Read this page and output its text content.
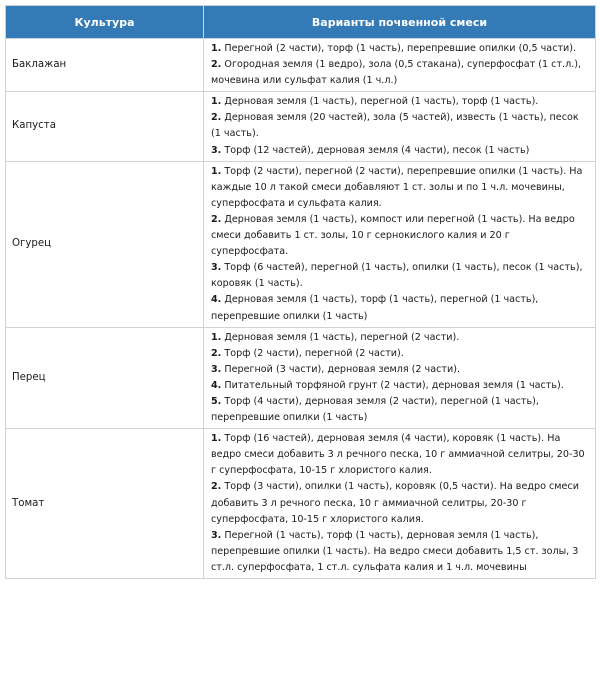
Культура	Варианты почвенной смеси
Баклажан	1. Перегной (2 части), торф (1 часть), перепревшие опилки (0,5 части).
2. Огородная земля (1 ведро), зола (0,5 стакана), суперфосфат (1 ст.л.), мочевина или сульфат калия (1 ч.л.)

Капуста	1. Дерновая земля (1 часть), перегной (1 часть), торф (1 часть).
2. Дерновая земля (20 частей), зола (5 частей), известь (1 часть), песок (1 часть).
3. Торф (12 частей), дерновая земля (4 части), песок (1 часть)

Огурец	1. Торф (2 части), перегной (2 части), перепревшие опилки (1 часть). На каждые 10 л такой смеси добавляют 1 ст. золы и по 1 ч.л. мочевины, суперфосфата и сульфата калия.
2. Дерновая земля (1 часть), компост или перегной (1 часть). На ведро смеси добавить 1 ст. золы, 10 г сернокислого калия и 20 г суперфосфата.
3. Торф (6 частей), перегной (1 часть), опилки (1 часть), песок (1 часть), коровяк (1 часть).
4. Дерновая земля (1 часть), торф (1 часть), перегной (1 часть), перепревшие опилки (1 часть)

Перец	1. Дерновая земля (1 часть), перегной (2 части).
2. Торф (2 части), перегной (2 части).
3. Перегной (3 части), дерновая земля (2 части).
4. Питательный торфяной грунт (2 части), дерновая земля (1 часть).
5. Торф (4 части), дерновая земля (2 части), перегной (1 часть), перепревшие опилки (1 часть)

Томат	1. Торф (16 частей), дерновая земля (4 части), коровяк (1 часть). На ведро смеси добавить 3 л речного песка, 10 г аммиачной селитры, 20-30 г суперфосфата, 10-15 г хлористого калия.
2. Торф (3 части), опилки (1 часть), коровяк (0,5 части). На ведро смеси добавить 3 л речного песка, 10 г аммиачной селитры, 20-30 г суперфосфата, 10-15 г хлористого калия.
3. Перегной (1 часть), торф (1 часть), дерновая земля (1 часть), перепревшие опилки (1 часть). На ведро смеси добавить 1,5 ст. золы, 3 ст.л. суперфосфата, 1 ст.л. сульфата калия и 1 ч.л. мочевины
